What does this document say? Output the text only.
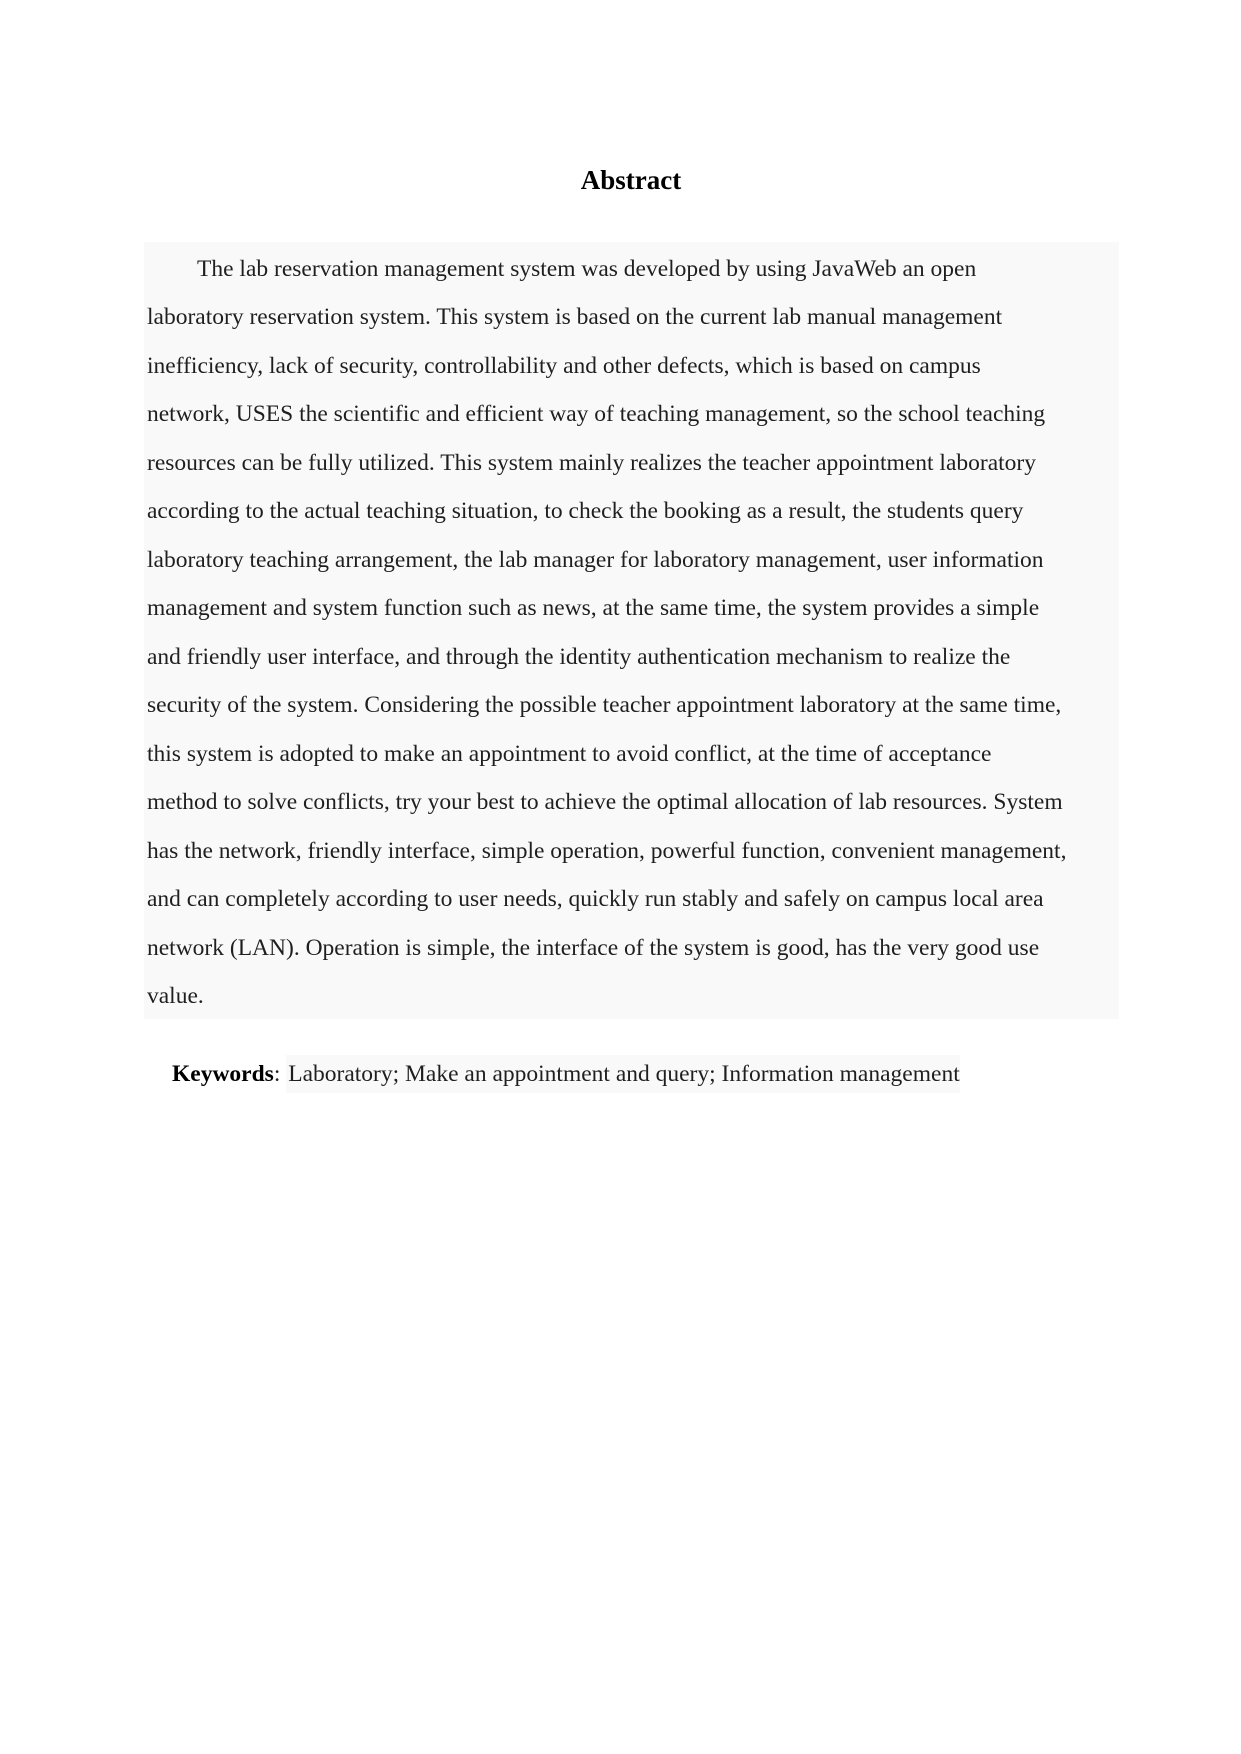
Abstract
The lab reservation management system was developed by using JavaWeb an open
laboratory reservation system. This system is based on the current lab manual management
inefficiency, lack of security, controllability and other defects, which is based on campus
network, USES the scientific and efficient way of teaching management, so the school teaching
resources can be fully utilized. This system mainly realizes the teacher appointment laboratory
according to the actual teaching situation, to check the booking as a result, the students query
laboratory teaching arrangement, the lab manager for laboratory management, user information
management and system function such as news, at the same time, the system provides a simple
and friendly user interface, and through the identity authentication mechanism to realize the
security of the system. Considering the possible teacher appointment laboratory at the same time,
this system is adopted to make an appointment to avoid conflict, at the time of acceptance
method to solve conflicts, try your best to achieve the optimal allocation of lab resources. System
has the network, friendly interface, simple operation, powerful function, convenient management,
and can completely according to user needs, quickly run stably and safely on campus local area
network (LAN). Operation is simple, the interface of the system is good, has the very good use
value.
Keywords: Laboratory; Make an appointment and query; Information management
